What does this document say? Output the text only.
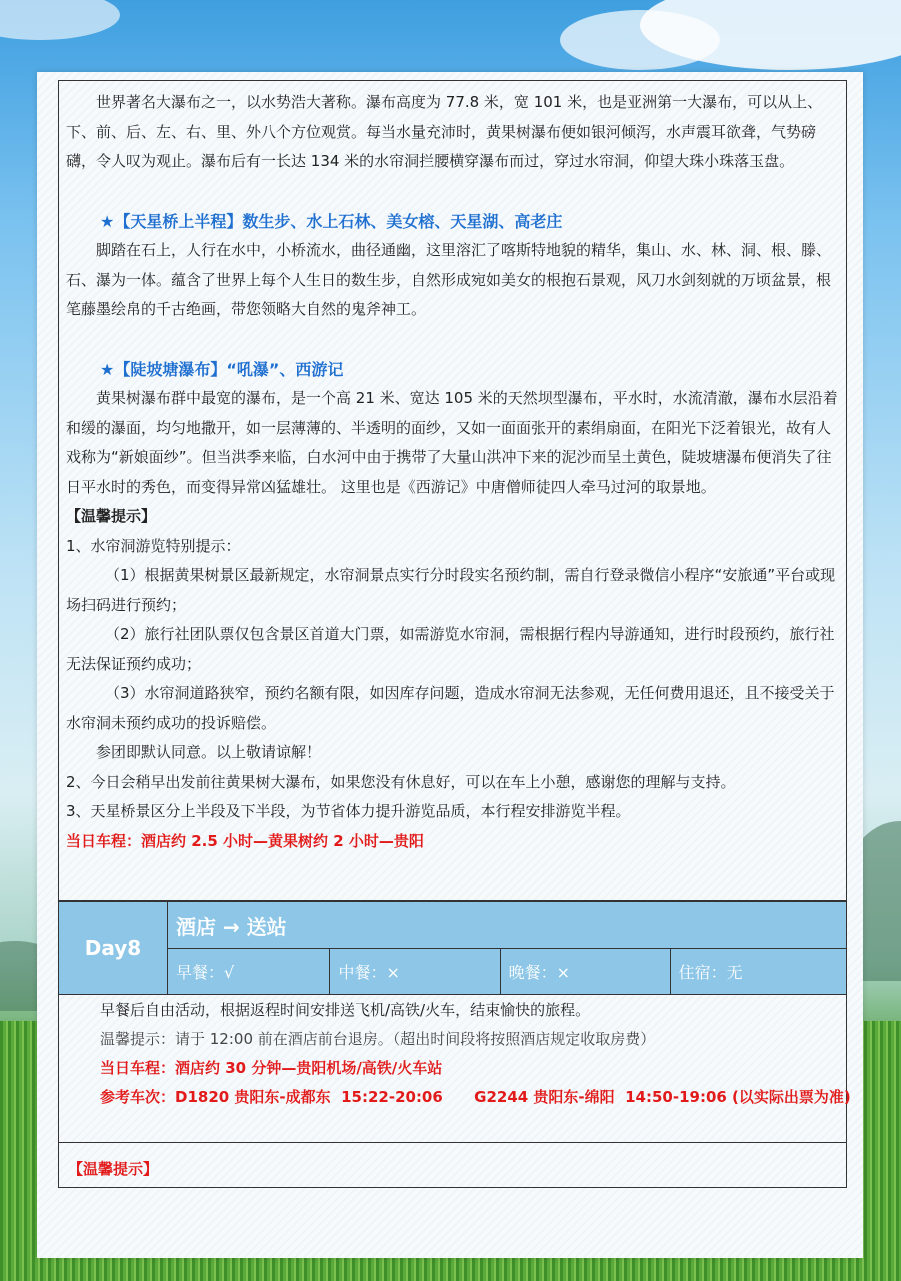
世界著名大瀑布之一，以水势浩大著称。瀑布高度为 77.8 米，宽 101 米，也是亚洲第一大瀑布，可以从上、下、前、后、左、右、里、外八个方位观赏。每当水量充沛时，黄果树瀑布便如银河倾泻，水声震耳欲聋，气势磅礴，令人叹为观止。瀑布后有一长达 134 米的水帘洞拦腰横穿瀑布而过，穿过水帘洞，仰望大珠小珠落玉盘。

★【天星桥上半程】数生步、水上石林、美女榕、天星湖、高老庄

脚踏在石上，人行在水中，小桥流水，曲径通幽，这里溶汇了喀斯特地貌的精华，集山、水、林、洞、根、滕、石、瀑为一体。蕴含了世界上每个人生日的数生步，自然形成宛如美女的根抱石景观，风刀水剑刻就的万顷盆景，根笔藤墨绘帛的千古绝画，带您领略大自然的鬼斧神工。

★【陡坡塘瀑布】“吼瀑”、西游记

黄果树瀑布群中最宽的瀑布，是一个高 21 米、宽达 105 米的天然坝型瀑布，平水时，水流清澈，瀑布水层沿着和缓的瀑面，均匀地撒开，如一层薄薄的、半透明的面纱，又如一面面张开的素绢扇面，在阳光下泛着银光，故有人戏称为“新娘面纱”。但当洪季来临，白水河中由于携带了大量山洪冲下来的泥沙而呈土黄色，陡坡塘瀑布便消失了往日平水时的秀色，而变得异常凶猛雄壮。 这里也是《西游记》中唐僧师徒四人牵马过河的取景地。

【温馨提示】

1、水帘洞游览特别提示：

（1）根据黄果树景区最新规定，水帘洞景点实行分时段实名预约制，需自行登录微信小程序“安旅通”平台或现场扫码进行预约；

（2）旅行社团队票仅包含景区首道大门票，如需游览水帘洞，需根据行程内导游通知，进行时段预约，旅行社无法保证预约成功；

（3）水帘洞道路狭窄，预约名额有限，如因库存问题，造成水帘洞无法参观，无任何费用退还，且不接受关于水帘洞未预约成功的投诉赔偿。

参团即默认同意。以上敬请谅解！

2、今日会稍早出发前往黄果树大瀑布，如果您没有休息好，可以在车上小憩，感谢您的理解与支持。

3、天星桥景区分上半段及下半段，为节省体力提升游览品质，本行程安排游览半程。

当日车程：酒店约 2.5 小时—黄果树约 2 小时—贵阳

Day8	酒店 → 送站			
	早餐：√	中餐：×	晚餐：×	住宿：无

早餐后自由活动，根据返程时间安排送飞机/高铁/火车，结束愉快的旅程。

温馨提示：请于 12:00 前在酒店前台退房。（超出时间段将按照酒店规定收取房费）

当日车程：酒店约 30 分钟—贵阳机场/高铁/火车站

参考车次：D1820 贵阳东-成都东  15:22-20:06      G2244 贵阳东-绵阳  14:50-19:06 (以实际出票为准)

【温馨提示】
